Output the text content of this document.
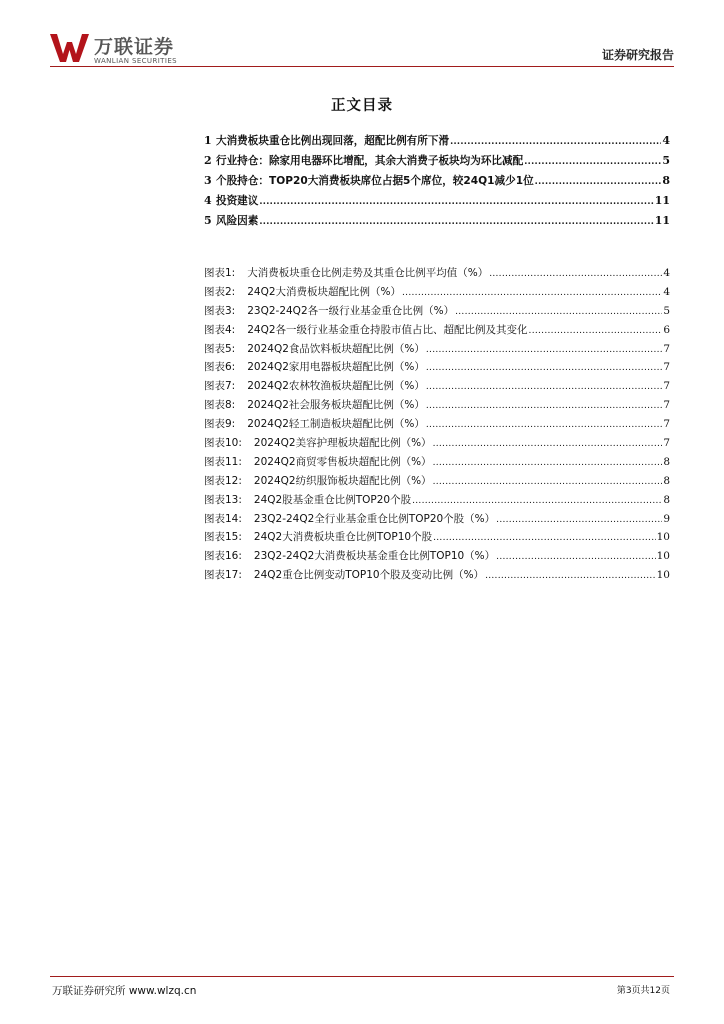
万联证券
WANLIAN SECURITIES	证券研究报告
正文目录
1 大消费板块重仓比例出现回落，超配比例有所下滑 .....	4
2 行业持仓：除家用电器环比增配，其余大消费子板块均为环比减配 .....	5
3 个股持仓：TOP20大消费板块席位占据5个席位，较24Q1减少1位 .....	8
4 投资建议 .....	11
5 风险因素 .....	11
图表1: 大消费板块重仓比例走势及其重仓比例平均值（%） .....	4
图表2: 24Q2大消费板块超配比例（%） .....	4
图表3: 23Q2-24Q2各一级行业基金重仓比例（%） .....	5
图表4: 24Q2各一级行业基金重仓持股市值占比、超配比例及其变化 .....	6
图表5: 2024Q2食品饮料板块超配比例（%） .....	7
图表6: 2024Q2家用电器板块超配比例（%） .....	7
图表7: 2024Q2农林牧渔板块超配比例（%） .....	7
图表8: 2024Q2社会服务板块超配比例（%） .....	7
图表9: 2024Q2轻工制造板块超配比例（%） .....	7
图表10: 2024Q2美容护理板块超配比例（%） .....	7
图表11: 2024Q2商贸零售板块超配比例（%） .....	8
图表12: 2024Q2纺织服饰板块超配比例（%） .....	8
图表13: 24Q2股基金重仓比例TOP20个股 .....	8
图表14: 23Q2-24Q2全行业基金重仓比例TOP20个股（%） .....	9
图表15: 24Q2大消费板块重仓比例TOP10个股 .....	10
图表16: 23Q2-24Q2大消费板块基金重仓比例TOP10（%） .....	10
图表17: 24Q2重仓比例变动TOP10个股及变动比例（%） .....	10
万联证券研究所 www.wlzq.cn	第3页共12页
